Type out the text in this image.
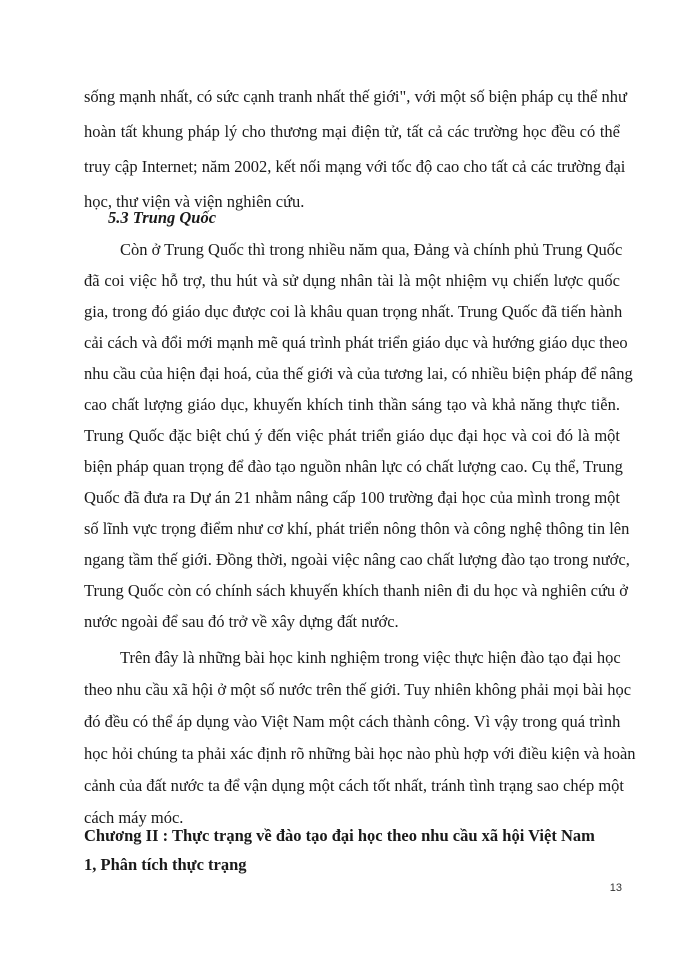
sống mạnh nhất, có sức cạnh tranh nhất thế giới", với một số biện pháp cụ thể như
hoàn tất khung pháp lý cho thương mại điện tử, tất cả các trường học đều có thể
truy cập Internet; năm 2002, kết nối mạng với tốc độ cao cho tất cả các trường đại
học, thư viện và viện nghiên cứu.
5.3 Trung Quốc
Còn ở Trung Quốc thì trong nhiều năm qua, Đảng và chính phủ Trung Quốc
đã coi việc hỗ trợ, thu hút và sử dụng nhân tài là một nhiệm vụ chiến lược quốc
gia, trong đó giáo dục được coi là khâu quan trọng nhất. Trung Quốc đã tiến hành
cải cách và đổi mới mạnh mẽ quá trình phát triển giáo dục và hướng giáo dục theo
nhu cầu của hiện đại hoá, của thế giới và của tương lai, có nhiều biện pháp để nâng
cao chất lượng giáo dục, khuyến khích tinh thần sáng tạo và khả năng thực tiễn.
Trung Quốc đặc biệt chú ý đến việc phát triển giáo dục đại học và coi đó là một
biện pháp quan trọng để đào tạo nguồn nhân lực có chất lượng cao. Cụ thể, Trung
Quốc đã đưa ra Dự án 21 nhằm nâng cấp 100 trường đại học của mình trong một
số lĩnh vực trọng điểm như cơ khí, phát triển nông thôn và công nghệ thông tin lên
ngang tầm thế giới. Đồng thời, ngoài việc nâng cao chất lượng đào tạo trong nước,
Trung Quốc còn có chính sách khuyến khích thanh niên đi du học và nghiên cứu ở
nước ngoài để sau đó trở về xây dựng đất nước.
Trên đây là những bài học kinh nghiệm trong việc thực hiện đào tạo đại học
theo nhu cầu xã hội ở một số nước trên thế giới. Tuy nhiên không phải mọi bài học
đó đều có thể áp dụng vào Việt Nam một cách thành công. Vì vậy trong quá trình
học hỏi chúng ta phải xác định rõ những bài học nào phù hợp với điều kiện và hoàn
cảnh của đất nước ta để vận dụng một cách tốt nhất, tránh tình trạng sao chép một
cách máy móc.
Chương II : Thực trạng về đào tạo đại học theo nhu cầu xã hội Việt Nam
1, Phân tích thực trạng
13
